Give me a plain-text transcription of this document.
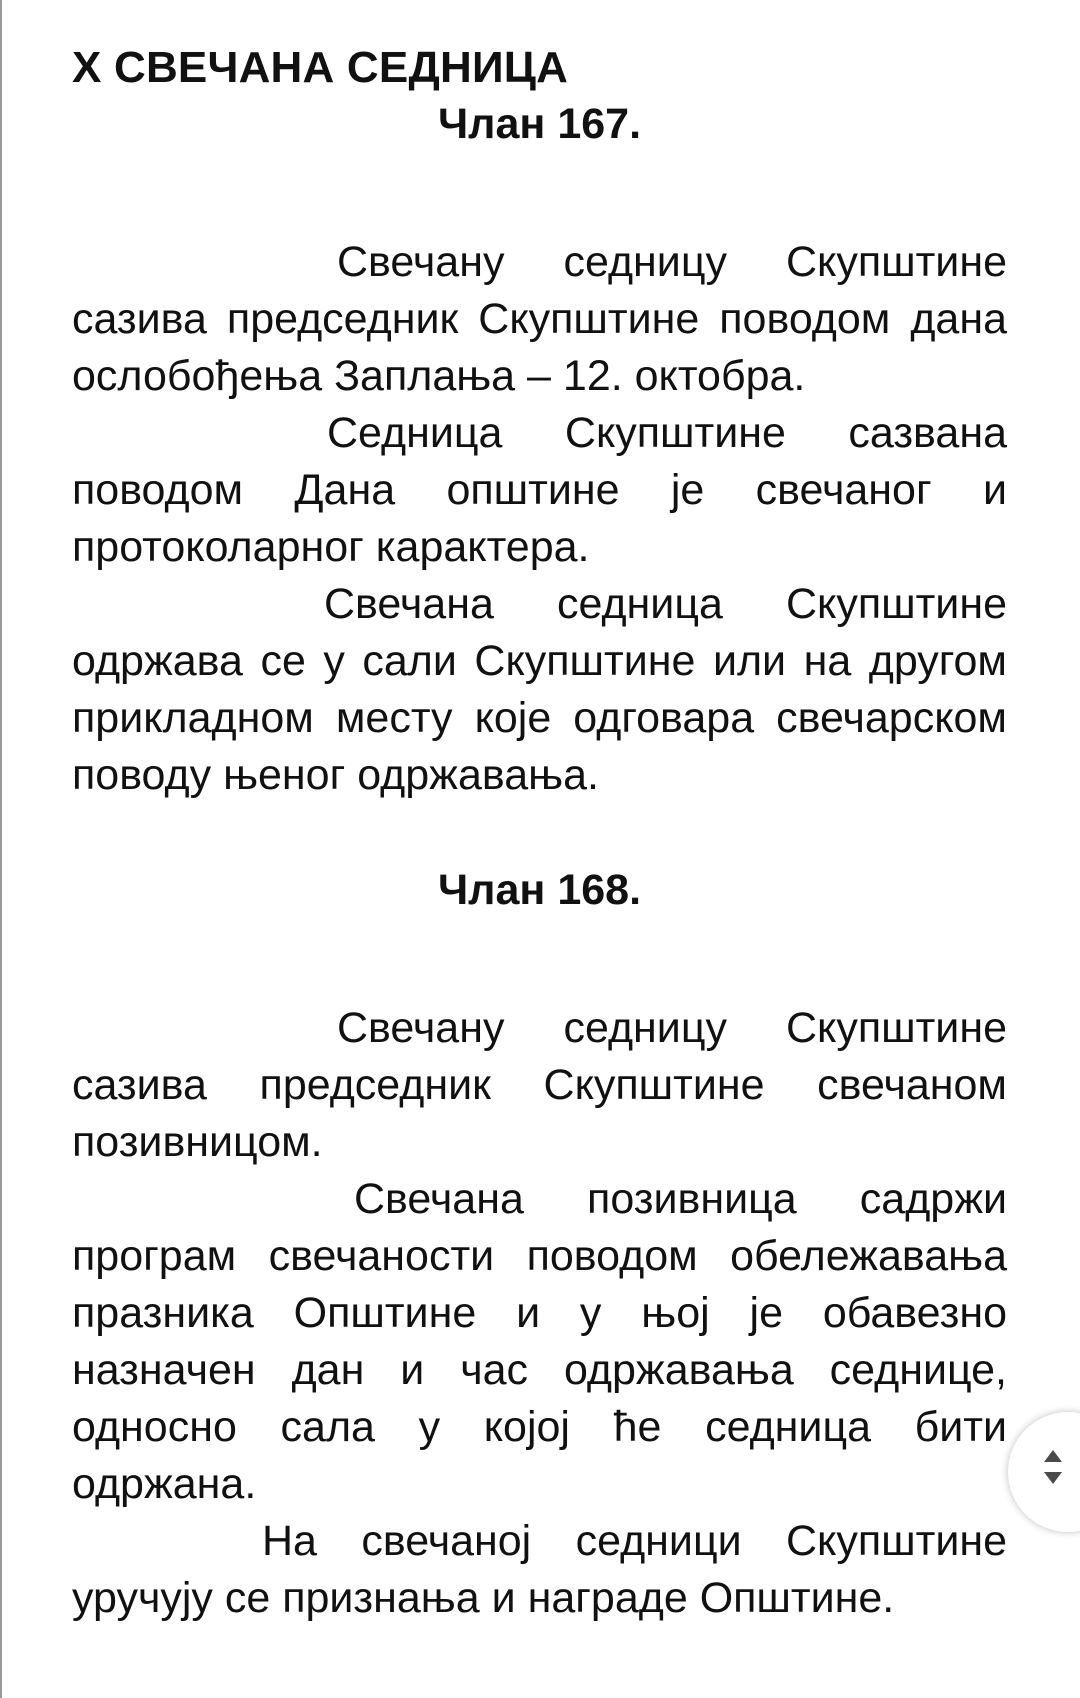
X СВЕЧАНА СЕДНИЦА
Члан 167.

Свечану седницу Скупштине сазива председник Скупштине поводом дана ослобођења Заплања – 12. октобра.

Седница Скупштине сазвана поводом Дана општине је свечаног и протоколарног карактера.

Свечана седница Скупштине одржава се у сали Скупштине или на другом прикладном месту које одговара свечарском поводу њеног одржавања.

Члан 168.

Свечану седницу Скупштине сазива председник Скупштине свечаном позивницом.

Свечана позивница садржи програм свечаности поводом обележавања празника Општине и у њој је обавезно назначен дан и час одржавања седнице, односно сала у којој ће седница бити одржана.

На свечаној седници Скупштине уручују се признања и награде Општине.
